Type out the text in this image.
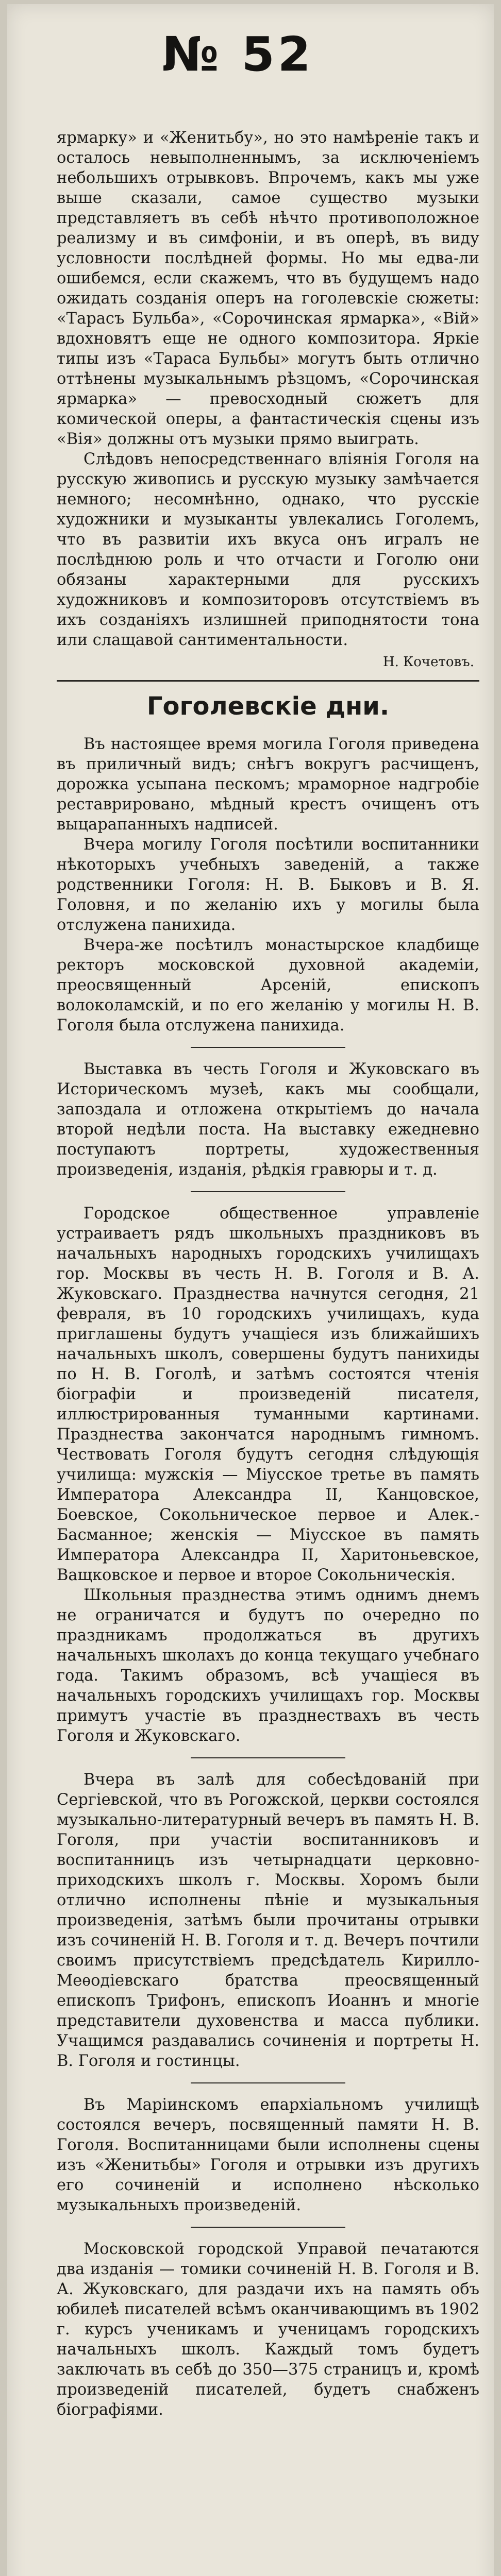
№ 52

ярмарку» и «Женитьбу», но это намѣреніе такъ и осталось невыполненнымъ, за исключеніемъ небольшихъ отрывковъ. Впрочемъ, какъ мы уже выше сказали, самое существо музыки представляетъ въ себѣ нѣчто противоположное реализму и въ симфоніи, и въ оперѣ, въ виду условности послѣдней формы. Но мы едва-ли ошибемся, если скажемъ, что въ будущемъ надо ожидать созданія оперъ на гоголевскіе сюжеты: «Тарасъ Бульба», «Сорочинская ярмарка», «Вій» вдохновятъ еще не одного композитора. Яркіе типы изъ «Тараса Бульбы» могутъ быть отлично оттѣнены музыкальнымъ рѣзцомъ, «Сорочинская ярмарка» — превосходный сюжетъ для комической оперы, а фантастическія сцены изъ «Вія» должны отъ музыки прямо выиграть.

Слѣдовъ непосредственнаго вліянія Гоголя на русскую живопись и русскую музыку замѣчается немного; несомнѣнно, однако, что русскіе художники и музыканты увлекались Гоголемъ, что въ развитіи ихъ вкуса онъ игралъ не послѣднюю роль и что отчасти и Гоголю они обязаны характерными для русскихъ художниковъ и композиторовъ отсутствіемъ въ ихъ созданіяхъ излишней приподнятости тона или слащавой сантиментальности.

Н. Кочетовъ.
Гоголевскіе дни.

Въ настоящее время могила Гоголя приведена въ приличный видъ; снѣгъ вокругъ расчищенъ, дорожка усыпана пескомъ; мраморное надгробіе реставрировано, мѣдный крестъ очищенъ отъ выцарапанныхъ надписей.

Вчера могилу Гоголя посѣтили воспитанники нѣкоторыхъ учебныхъ заведеній, а также родственники Гоголя: Н. В. Быковъ и В. Я. Головня, и по желанію ихъ у могилы была отслужена панихида.

Вчера-же посѣтилъ монастырское кладбище ректоръ московской духовной академіи, преосвященный Арсеній, епископъ волоколамскій, и по его желанію у могилы Н. В. Гоголя была отслужена панихида.

Выставка въ честь Гоголя и Жуковскаго въ Историческомъ музеѣ, какъ мы сообщали, запоздала и отложена открытіемъ до начала второй недѣли поста. На выставку ежедневно поступаютъ портреты, художественныя произведенія, изданія, рѣдкія гравюры и т. д.

Городское общественное управленіе устраиваетъ рядъ школьныхъ праздниковъ въ начальныхъ народныхъ городскихъ училищахъ гор. Москвы въ честь Н. В. Гоголя и В. А. Жуковскаго. Празднества начнутся сегодня, 21 февраля, въ 10 городскихъ училищахъ, куда приглашены будутъ учащіеся изъ ближайшихъ начальныхъ школъ, совершены будутъ панихиды по Н. В. Гоголѣ, и затѣмъ состоятся чтенія біографіи и произведеній писателя, иллюстрированныя туманными картинами. Празднества закончатся народнымъ гимномъ. Чествовать Гоголя будутъ сегодня слѣдующія училища: мужскія — Міусское третье въ память Императора Александра II, Канцовское, Боевское, Сокольническое первое и Алек.-Басманное; женскія — Міусское въ память Императора Александра II, Харитоньевское, Ващковское и первое и второе Сокольническія.

Школьныя празднества этимъ однимъ днемъ не ограничатся и будутъ по очередно по праздникамъ продолжаться въ другихъ начальныхъ школахъ до конца текущаго учебнаго года. Такимъ образомъ, всѣ учащіеся въ начальныхъ городскихъ училищахъ гор. Москвы примутъ участіе въ празднествахъ въ честь Гоголя и Жуковскаго.

Вчера въ залѣ для собесѣдованій при Сергіевской, что въ Рогожской, церкви состоялся музыкально-литературный вечеръ въ память Н. В. Гоголя, при участіи воспитанниковъ и воспитанницъ изъ четырнадцати церковно-приходскихъ школъ г. Москвы. Хоромъ были отлично исполнены пѣніе и музыкальныя произведенія, затѣмъ были прочитаны отрывки изъ сочиненій Н. В. Гоголя и т. д. Вечеръ почтили своимъ присутствіемъ предсѣдатель Кирилло-Меѳодіевскаго братства преосвященный епископъ Трифонъ, епископъ Иоаннъ и многіе представители духовенства и масса публики. Учащимся раздавались сочиненія и портреты Н. В. Гоголя и гостинцы.

Въ Маріинскомъ епархіальномъ училищѣ состоялся вечеръ, посвященный памяти Н. В. Гоголя. Воспитанницами были исполнены сцены изъ «Женитьбы» Гоголя и отрывки изъ другихъ его сочиненій и исполнено нѣсколько музыкальныхъ произведеній.

Московской городской Управой печатаются два изданія — томики сочиненій Н. В. Гоголя и В. А. Жуковскаго, для раздачи ихъ на память объ юбилеѣ писателей всѣмъ оканчивающимъ въ 1902 г. курсъ ученикамъ и ученицамъ городскихъ начальныхъ школъ. Каждый томъ будетъ заключать въ себѣ до 350—375 страницъ и, кромѣ произведеній писателей, будетъ снабженъ біографіями.
